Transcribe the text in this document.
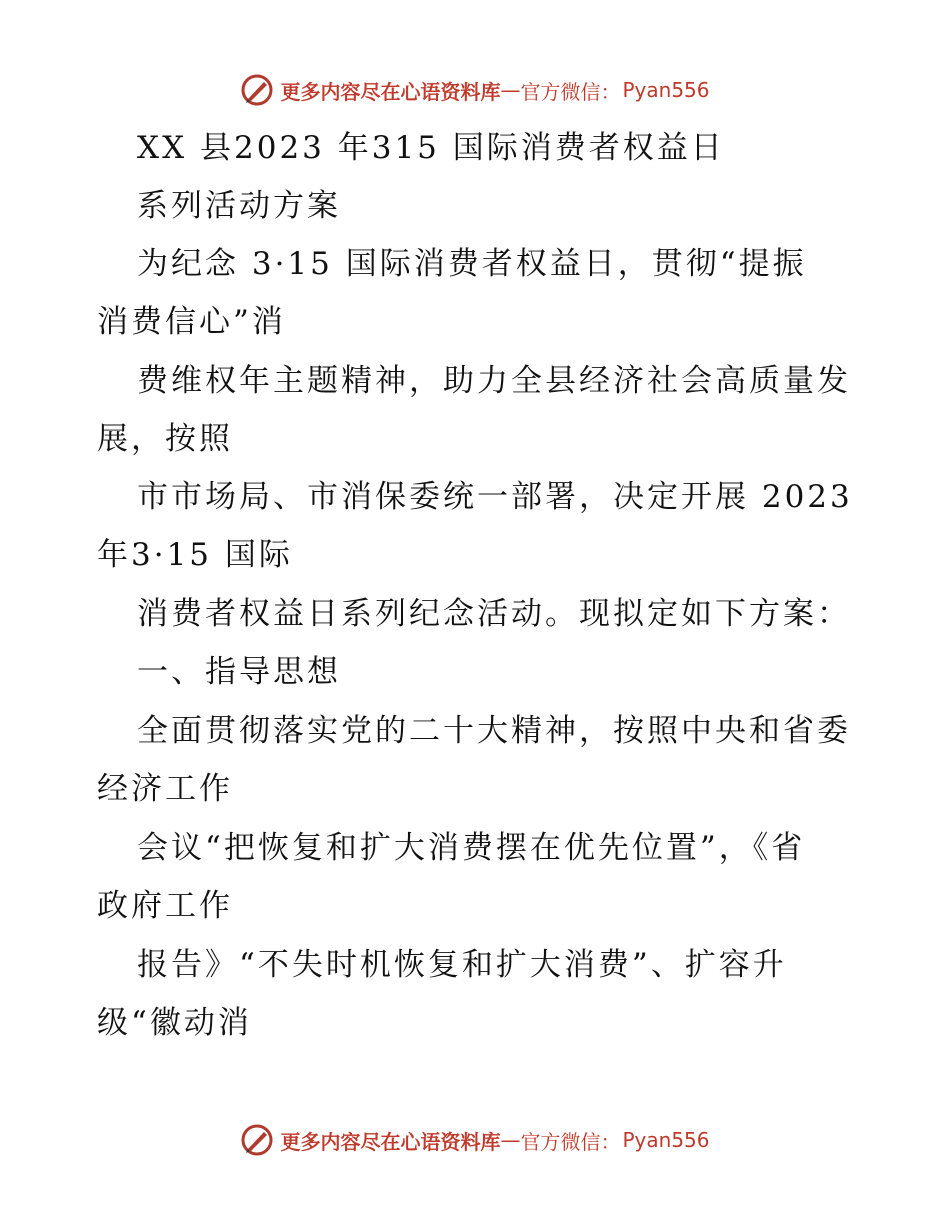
更多内容尽在心语资料库 — 官方微信： Pyan556
XX 县2023 年315 国际消费者权益日
系列活动方案
为纪念 3·15 国际消费者权益日，贯彻“提振
消费信心”消
费维权年主题精神，助力全县经济社会高质量发
展，按照
市市场局、市消保委统一部署，决定开展 2023
年3·15 国际
消费者权益日系列纪念活动。现拟定如下方案：
一、指导思想
全面贯彻落实党的二十大精神，按照中央和省委
经济工作
会议“把恢复和扩大消费摆在优先位置”，《省
政府工作
报告》“不失时机恢复和扩大消费”、扩容升
级“徽动消
更多内容尽在心语资料库 — 官方微信： Pyan556
